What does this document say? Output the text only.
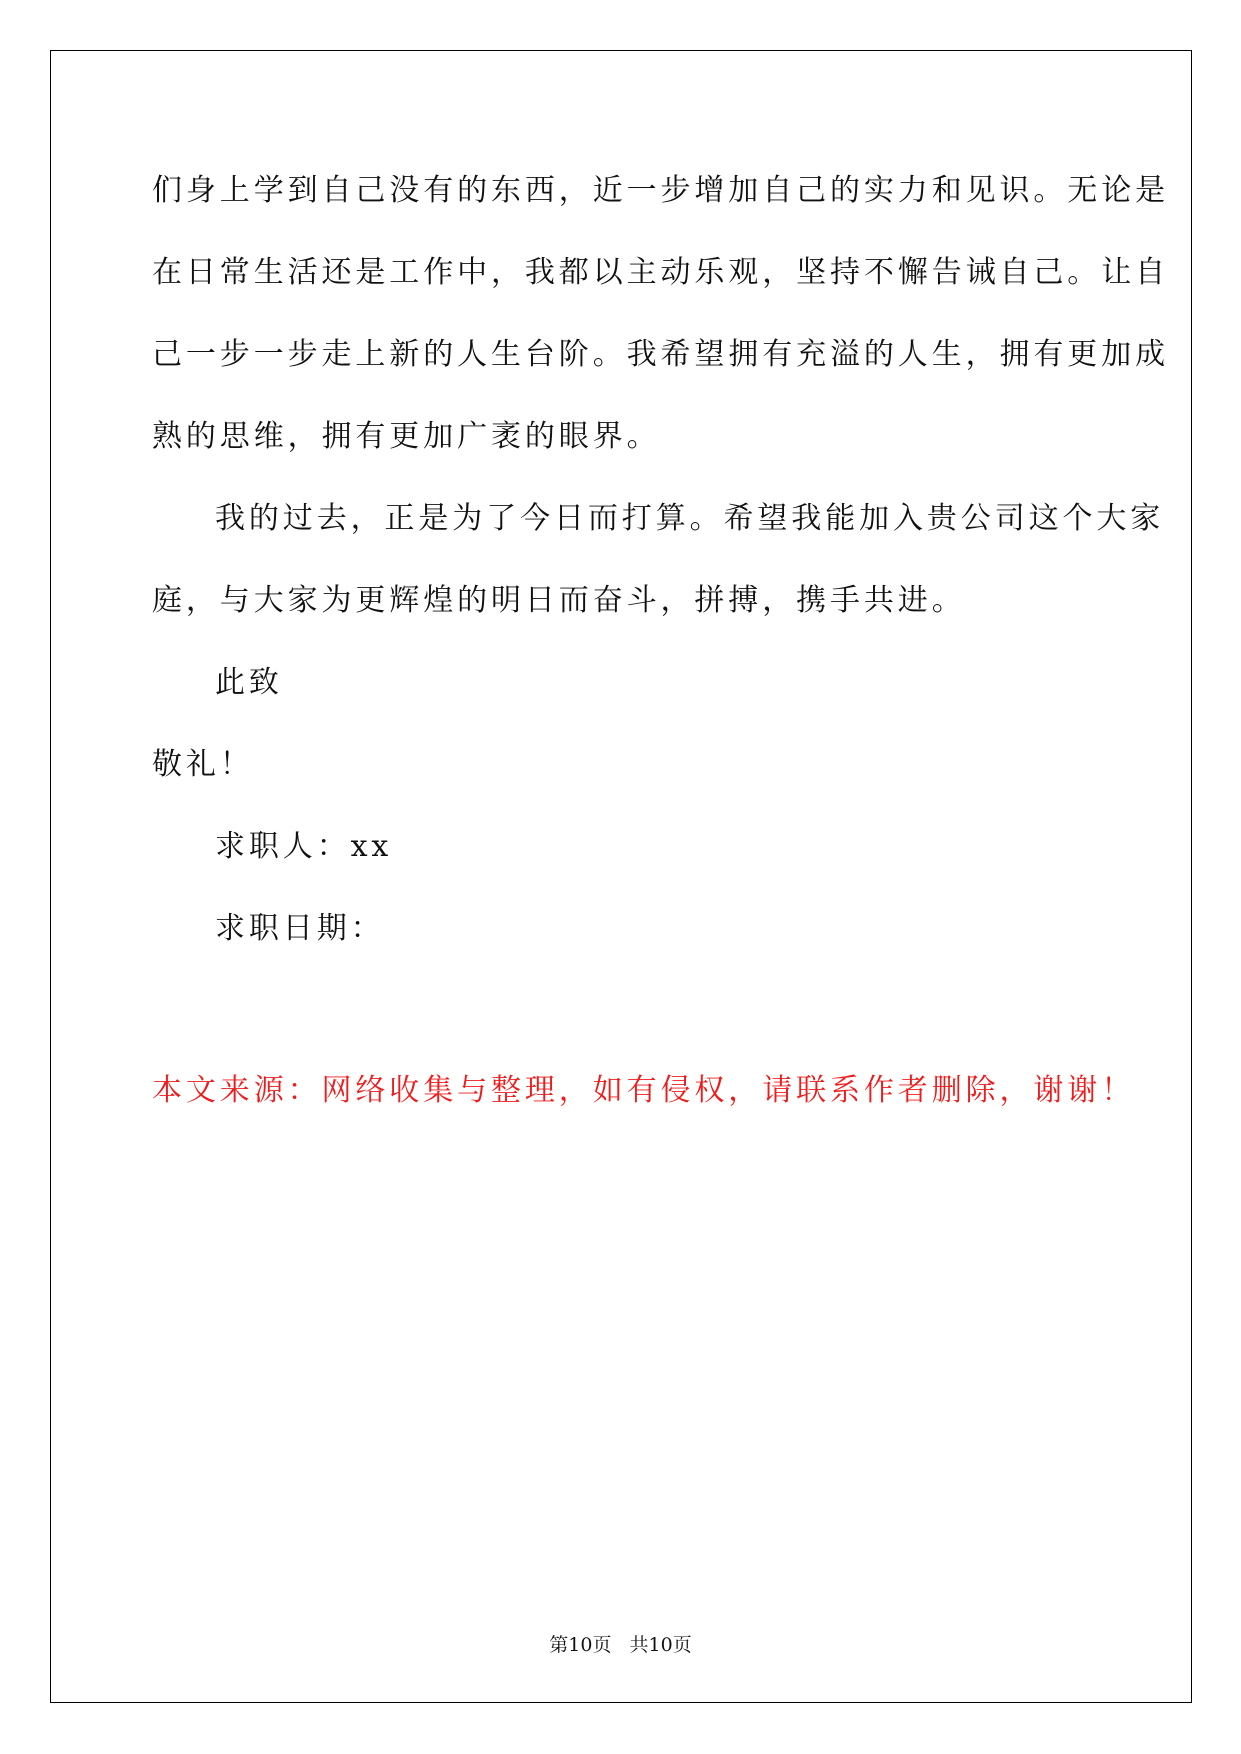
们身上学到自己没有的东西，近一步增加自己的实力和见识。无论是
在日常生活还是工作中，我都以主动乐观，坚持不懈告诫自己。让自
己一步一步走上新的人生台阶。我希望拥有充溢的人生，拥有更加成
熟的思维，拥有更加广袤的眼界。
我的过去，正是为了今日而打算。希望我能加入贵公司这个大家
庭，与大家为更辉煌的明日而奋斗，拼搏，携手共进。
此致
敬礼！
求职人：xx
求职日期：
本文来源：网络收集与整理，如有侵权，请联系作者删除，谢谢！
第10页 共10页
